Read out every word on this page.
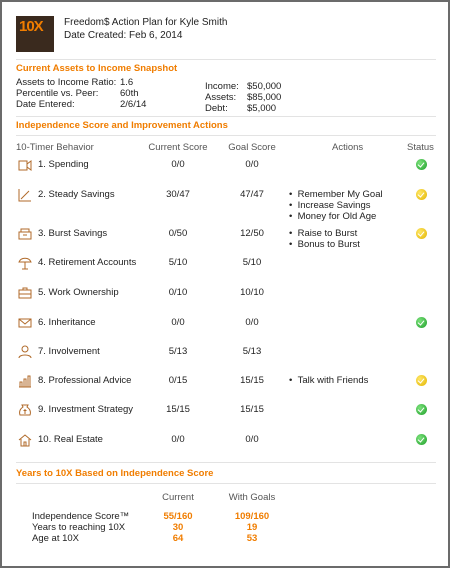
10X Freedom$ Action Plan for Kyle Smith
Date Created: Feb 6, 2014
Current Assets to Income Snapshot
Assets to Income Ratio: 1.6
Percentile vs. Peer: 60th
Date Entered:	2/6/14
Income: $50,000
Assets: $85,000
Debt: $5,000
Independence Score and Improvement Actions
10-Timer Behavior	Current Score	Goal Score	Actions	Status
1. Spending	0/0	0/0
2. Steady Savings	30/47	47/47	•  Remember My Goal
•  Increase Savings
•  Money for Old Age
3. Burst Savings	0/50	12/50	•  Raise to Burst
•  Bonus to Burst
4. Retirement Accounts	5/10	5/10
5. Work Ownership	0/10	10/10
6. Inheritance	0/0	0/0
7. Involvement	5/13	5/13
8. Professional Advice	0/15	15/15	•  Talk with Friends
9. Investment Strategy	15/15	15/15
10. Real Estate	0/0	0/0
Years to 10X Based on Independence Score
Current	With Goals
Independence Score™	55/160	109/160
Years to reaching 10X	30	19
Age at 10X	64	53
